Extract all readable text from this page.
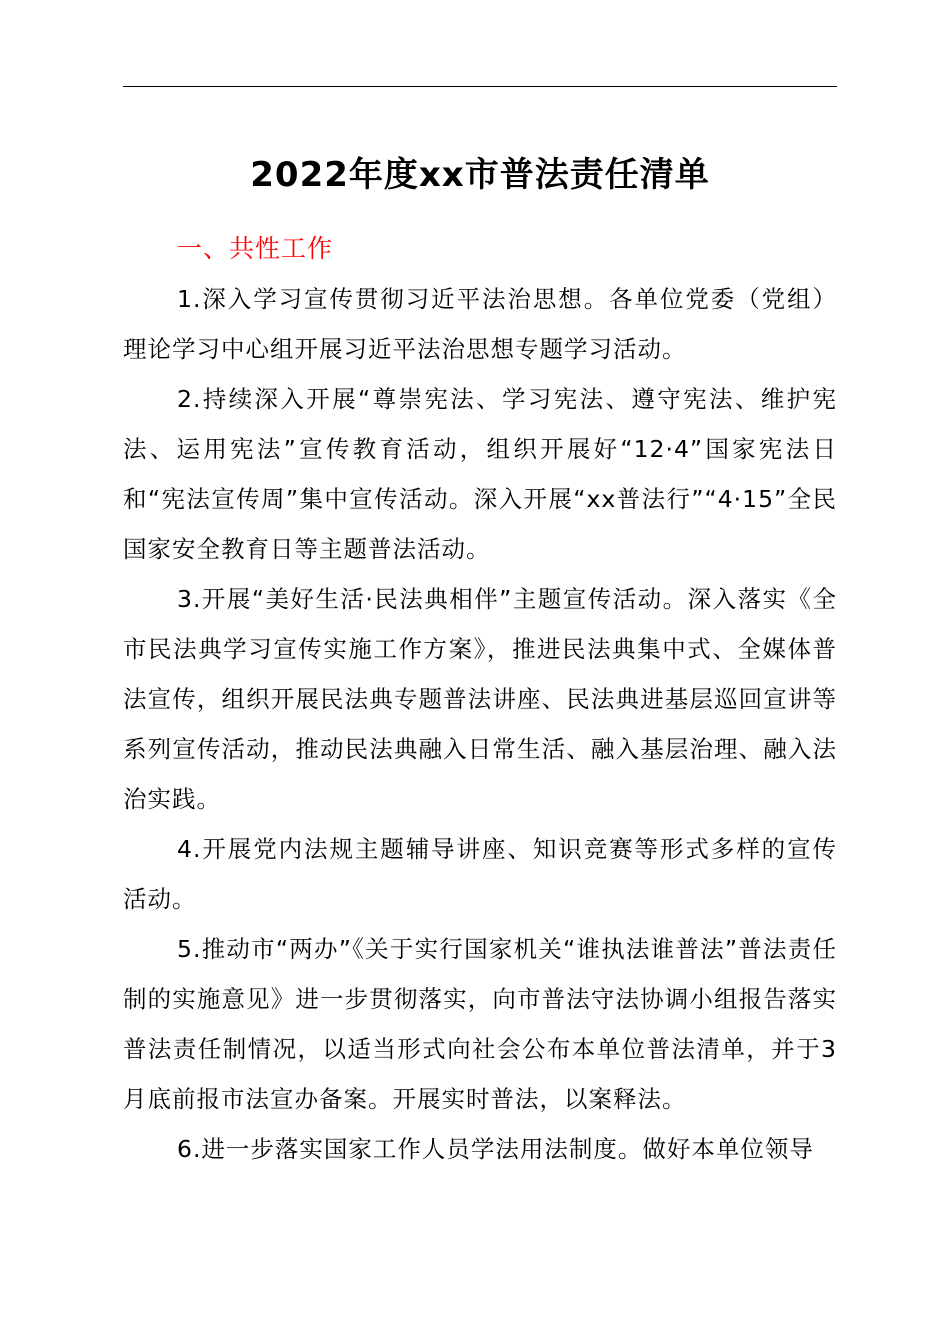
2022年度xx市普法责任清单

一、共性工作

1.深入学习宣传贯彻习近平法治思想。各单位党委（党组）理论学习中心组开展习近平法治思想专题学习活动。

2.持续深入开展“尊崇宪法、学习宪法、遵守宪法、维护宪法、运用宪法”宣传教育活动，组织开展好“12·4”国家宪法日和“宪法宣传周”集中宣传活动。深入开展“xx普法行”“4·15”全民国家安全教育日等主题普法活动。

3.开展“美好生活·民法典相伴”主题宣传活动。深入落实《全市民法典学习宣传实施工作方案》，推进民法典集中式、全媒体普法宣传，组织开展民法典专题普法讲座、民法典进基层巡回宣讲等系列宣传活动，推动民法典融入日常生活、融入基层治理、融入法治实践。

4.开展党内法规主题辅导讲座、知识竞赛等形式多样的宣传活动。

5.推动市“两办”《关于实行国家机关“谁执法谁普法”普法责任制的实施意见》进一步贯彻落实，向市普法守法协调小组报告落实普法责任制情况，以适当形式向社会公布本单位普法清单，并于3月底前报市法宣办备案。开展实时普法，以案释法。

6.进一步落实国家工作人员学法用法制度。做好本单位领导
